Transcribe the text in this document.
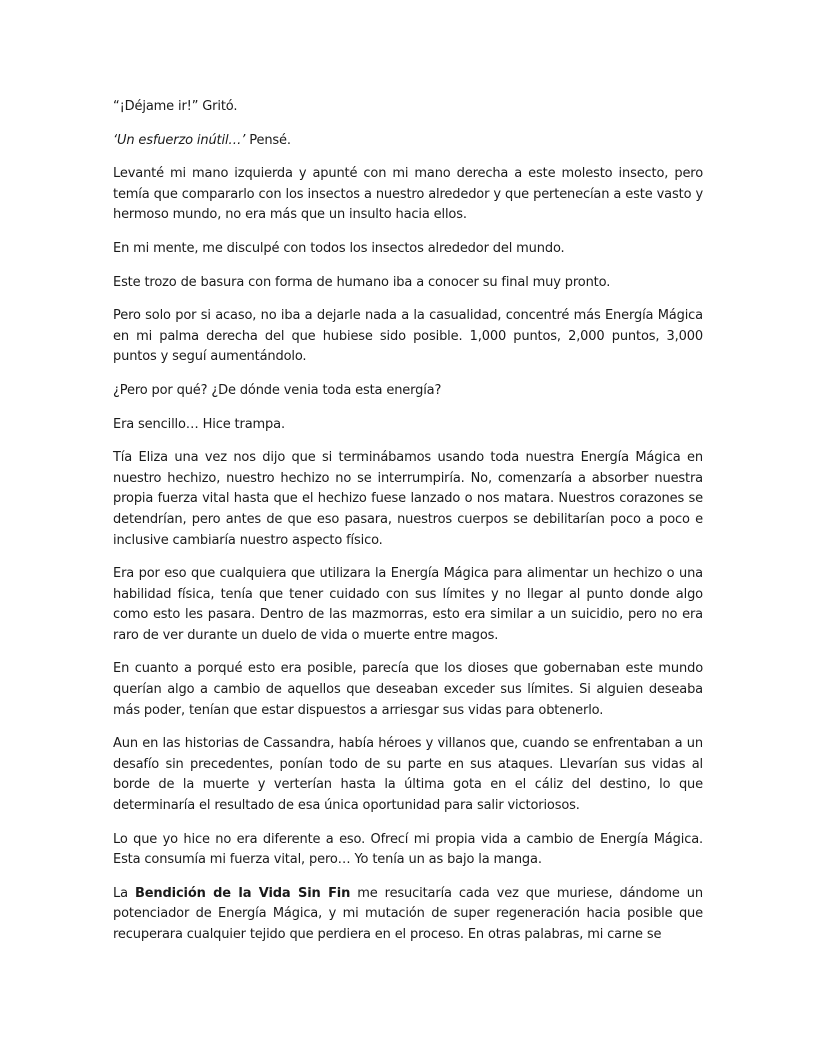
“¡Déjame ir!” Gritó.

‘Un esfuerzo inútil…’ Pensé.

Levanté mi mano izquierda y apunté con mi mano derecha a este molesto insecto, pero temía que compararlo con los insectos a nuestro alrededor y que pertenecían a este vasto y hermoso mundo, no era más que un insulto hacia ellos.

En mi mente, me disculpé con todos los insectos alrededor del mundo.

Este trozo de basura con forma de humano iba a conocer su final muy pronto.

Pero solo por si acaso, no iba a dejarle nada a la casualidad, concentré más Energía Mágica en mi palma derecha del que hubiese sido posible. 1,000 puntos, 2,000 puntos, 3,000 puntos y seguí aumentándolo.

¿Pero por qué? ¿De dónde venia toda esta energía?

Era sencillo… Hice trampa.

Tía Eliza una vez nos dijo que si terminábamos usando toda nuestra Energía Mágica en nuestro hechizo, nuestro hechizo no se interrumpiría. No, comenzaría a absorber nuestra propia fuerza vital hasta que el hechizo fuese lanzado o nos matara. Nuestros corazones se detendrían, pero antes de que eso pasara, nuestros cuerpos se debilitarían poco a poco e inclusive cambiaría nuestro aspecto físico.

Era por eso que cualquiera que utilizara la Energía Mágica para alimentar un hechizo o una habilidad física, tenía que tener cuidado con sus límites y no llegar al punto donde algo como esto les pasara. Dentro de las mazmorras, esto era similar a un suicidio, pero no era raro de ver durante un duelo de vida o muerte entre magos.

En cuanto a porqué esto era posible, parecía que los dioses que gobernaban este mundo querían algo a cambio de aquellos que deseaban exceder sus límites. Si alguien deseaba más poder, tenían que estar dispuestos a arriesgar sus vidas para obtenerlo.

Aun en las historias de Cassandra, había héroes y villanos que, cuando se enfrentaban a un desafío sin precedentes, ponían todo de su parte en sus ataques. Llevarían sus vidas al borde de la muerte y verterían hasta la última gota en el cáliz del destino, lo que determinaría el resultado de esa única oportunidad para salir victoriosos.

Lo que yo hice no era diferente a eso. Ofrecí mi propia vida a cambio de Energía Mágica. Esta consumía mi fuerza vital, pero… Yo tenía un as bajo la manga.

La Bendición de la Vida Sin Fin me resucitaría cada vez que muriese, dándome un potenciador de Energía Mágica, y mi mutación de super regeneración hacia posible que recuperara cualquier tejido que perdiera en el proceso. En otras palabras, mi carne se
